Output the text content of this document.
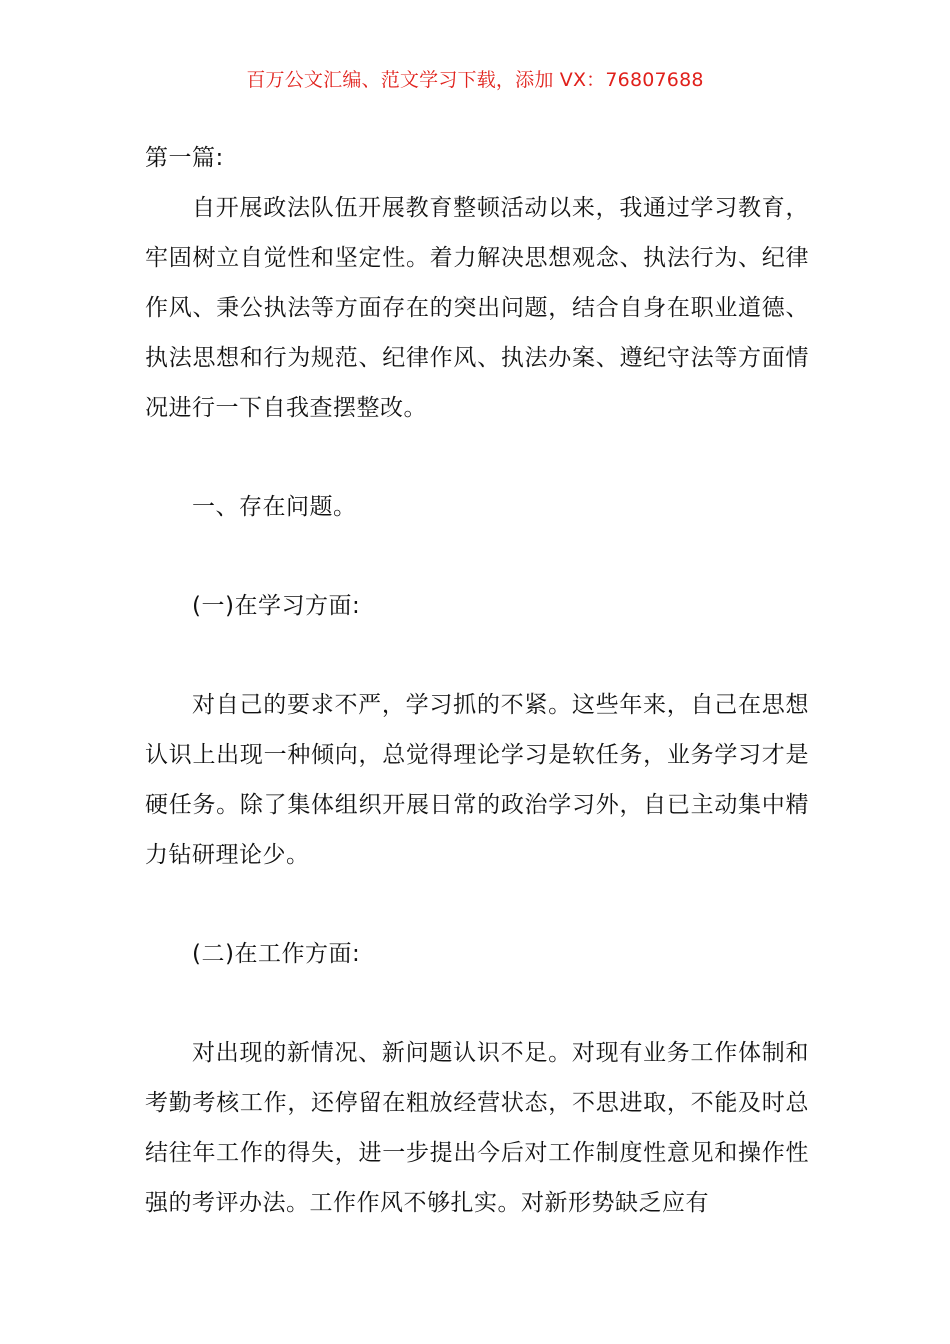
百万公文汇编、范文学习下载，添加 VX：76807688

第一篇:

自开展政法队伍开展教育整顿活动以来，我通过学习教育，牢固树立自觉性和坚定性。着力解决思想观念、执法行为、纪律作风、秉公执法等方面存在的突出问题，结合自身在职业道德、执法思想和行为规范、纪律作风、执法办案、遵纪守法等方面情况进行一下自我查摆整改。

一、存在问题。

(一)在学习方面:

对自己的要求不严，学习抓的不紧。这些年来，自己在思想认识上出现一种倾向，总觉得理论学习是软任务，业务学习才是硬任务。除了集体组织开展日常的政治学习外，自已主动集中精力钻研理论少。

(二)在工作方面:

对出现的新情况、新问题认识不足。对现有业务工作体制和考勤考核工作，还停留在粗放经营状态，不思进取，不能及时总结往年工作的得失，进一步提出今后对工作制度性意见和操作性强的考评办法。工作作风不够扎实。对新形势缺乏应有
